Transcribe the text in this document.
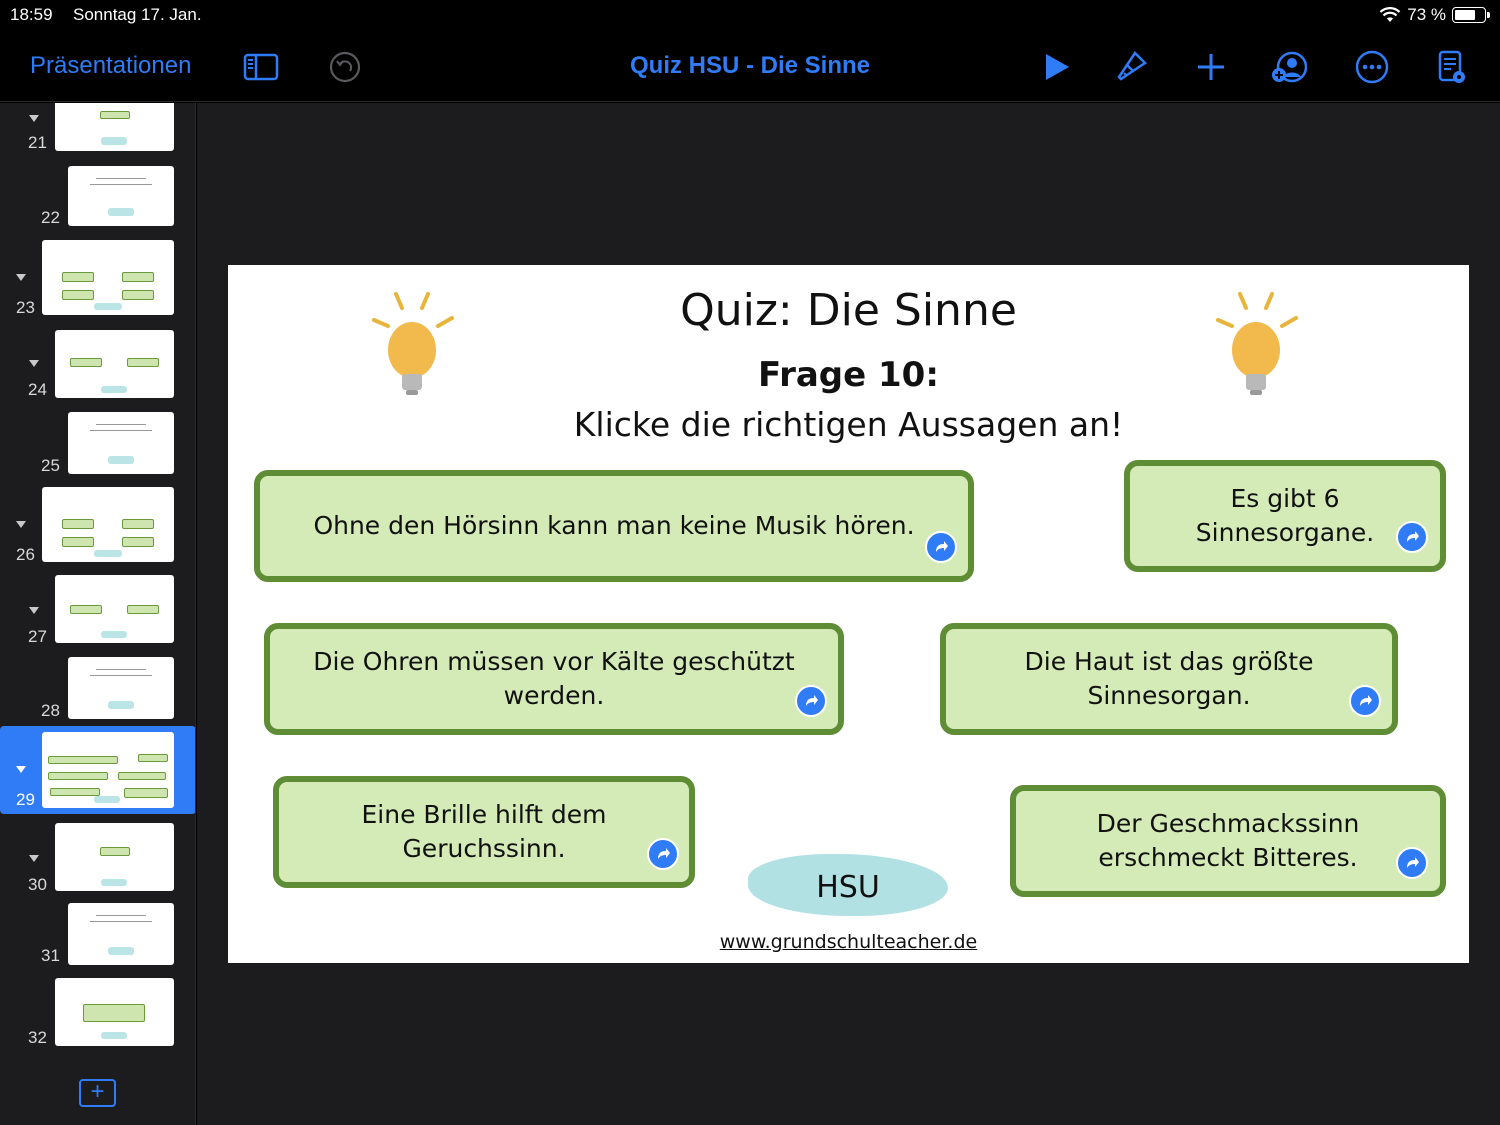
18:59 Sonntag 17. Jan.	73 %
Präsentationen	Quiz HSU - Die Sinne
21
22
23
24
25
26
27
28
29
30
31
32
+
Quiz: Die Sinne
Frage 10:
Klicke die richtigen Aussagen an!
Ohne den Hörsinn kann man keine Musik hören.
Es gibt 6 Sinnesorgane.
Die Ohren müssen vor Kälte geschützt werden.
Die Haut ist das größte Sinnesorgan.
Eine Brille hilft dem Geruchssinn.
Der Geschmackssinn erschmeckt Bitteres.
HSU
www.grundschulteacher.de
